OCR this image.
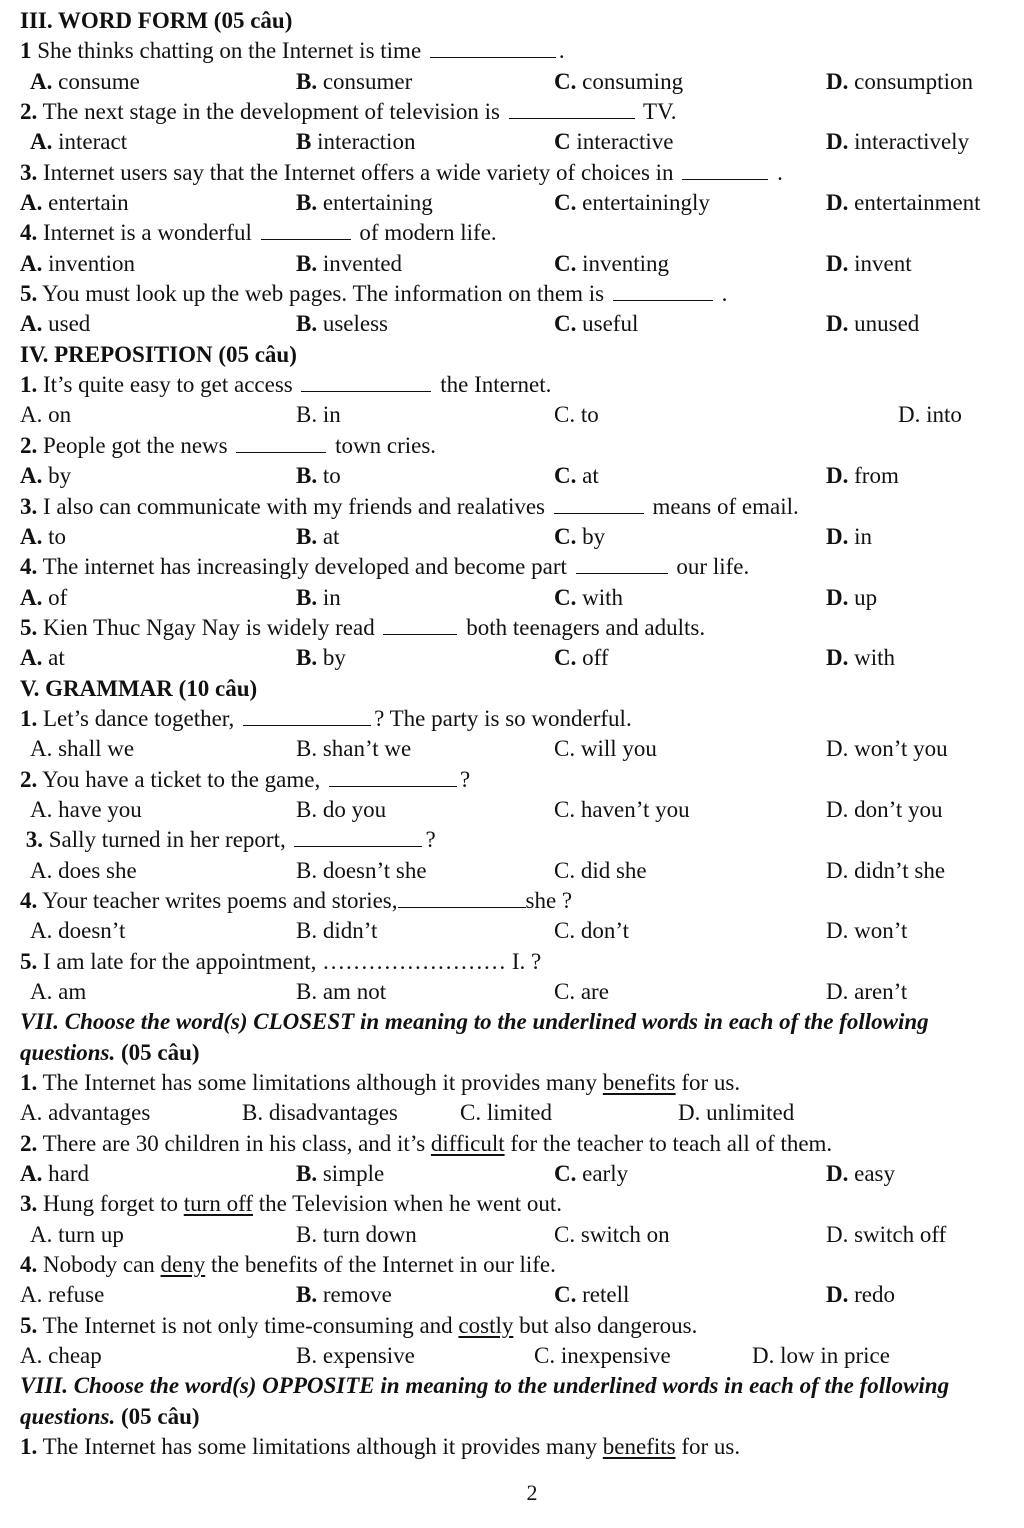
III. WORD FORM (05 câu)
1 She thinks chatting on the Internet is time	.
A. consume	B. consumer	C. consuming	D. consumption
2. The next stage in the development of television is	TV.
A. interact	B interaction	C interactive	D. interactively
3. Internet users say that the Internet offers a wide variety of choices in	.
A. entertain	B. entertaining	C. entertainingly	D. entertainment
4. Internet is a wonderful	of modern life.
A. invention	B. invented	C. inventing	D. invent
5. You must look up the web pages. The information on them is	.
A. used	B. useless	C. useful	D. unused
IV. PREPOSITION (05 câu)
1. It’s quite easy to get access	the Internet.
A. on	B. in	C. to	D. into
2. People got the news	town cries.
A. by	B. to	C. at	D. from
3. I also can communicate with my friends and realatives	means of email.
A. to	B. at	C. by	D. in
4. The internet has increasingly developed and become part	our life.
A. of	B. in	C. with	D. up
5. Kien Thuc Ngay Nay is widely read	both teenagers and adults.
A. at	B. by	C. off	D. with
V. GRAMMAR (10 câu)
1. Let’s dance together,	? The party is so wonderful.
A. shall we	B. shan’t we	C. will you	D. won’t you
2. You have a ticket to the game,	?
A. have you	B. do you	C. haven’t you	D. don’t you
3. Sally turned in her report,	?
A. does she	B. doesn’t she	C. did she	D. didn’t she
4. Your teacher writes poems and stories,	she ?
A. doesn’t	B. didn’t	C. don’t	D. won’t
5. I am late for the appointment, …………………… I. ?
A. am	B. am not	C. are	D. aren’t
VII. Choose the word(s) CLOSEST in meaning to the underlined words in each of the following questions. (05 câu)
1. The Internet has some limitations although it provides many benefits for us.
A. advantages	B. disadvantages	C. limited	D. unlimited
2. There are 30 children in his class, and it’s difficult for the teacher to teach all of them.
A. hard	B. simple	C. early	D. easy
3. Hung forget to turn off the Television when he went out.
A. turn up	B. turn down	C. switch on	D. switch off
4. Nobody can deny the benefits of the Internet in our life.
A. refuse	B. remove	C. retell	D. redo
5. The Internet is not only time-consuming and costly but also dangerous.
A. cheap	B. expensive	C. inexpensive	D. low in price
VIII. Choose the word(s) OPPOSITE in meaning to the underlined words in each of the following questions. (05 câu)
1. The Internet has some limitations although it provides many benefits for us.
2
